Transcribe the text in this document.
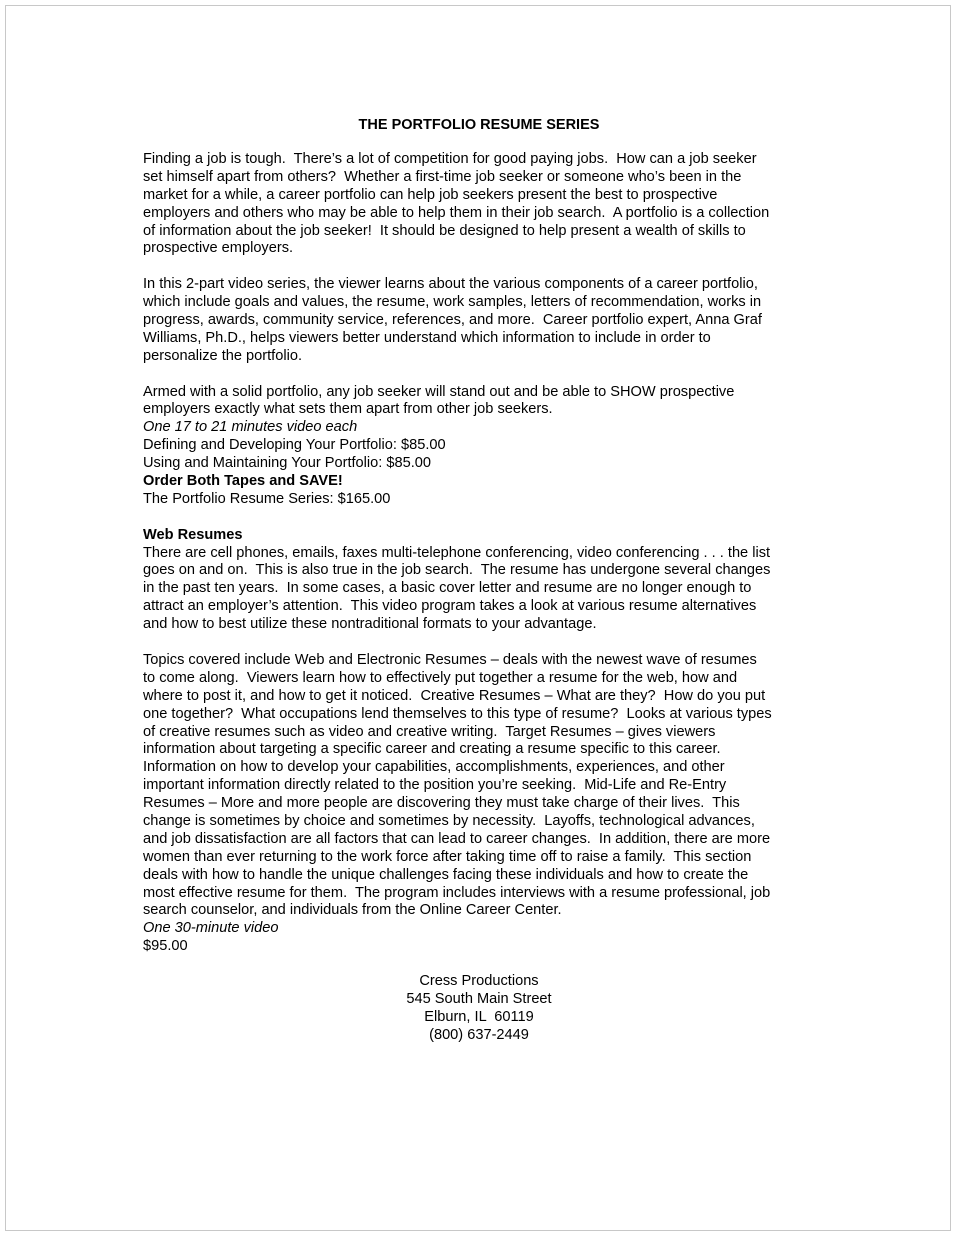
THE PORTFOLIO RESUME SERIES
Finding a job is tough.  There’s a lot of competition for good paying jobs.  How can a job seeker
set himself apart from others?  Whether a first-time job seeker or someone who’s been in the
market for a while, a career portfolio can help job seekers present the best to prospective
employers and others who may be able to help them in their job search.  A portfolio is a collection
of information about the job seeker!  It should be designed to help present a wealth of skills to
prospective employers.
In this 2-part video series, the viewer learns about the various components of a career portfolio,
which include goals and values, the resume, work samples, letters of recommendation, works in
progress, awards, community service, references, and more.  Career portfolio expert, Anna Graf
Williams, Ph.D., helps viewers better understand which information to include in order to
personalize the portfolio.
Armed with a solid portfolio, any job seeker will stand out and be able to SHOW prospective
employers exactly what sets them apart from other job seekers.
One 17 to 21 minutes video each
Defining and Developing Your Portfolio: $85.00
Using and Maintaining Your Portfolio: $85.00
Order Both Tapes and SAVE!
The Portfolio Resume Series: $165.00
Web Resumes
There are cell phones, emails, faxes multi-telephone conferencing, video conferencing . . . the list
goes on and on.  This is also true in the job search.  The resume has undergone several changes
in the past ten years.  In some cases, a basic cover letter and resume are no longer enough to
attract an employer’s attention.  This video program takes a look at various resume alternatives
and how to best utilize these nontraditional formats to your advantage.
Topics covered include Web and Electronic Resumes – deals with the newest wave of resumes
to come along.  Viewers learn how to effectively put together a resume for the web, how and
where to post it, and how to get it noticed.  Creative Resumes – What are they?  How do you put
one together?  What occupations lend themselves to this type of resume?  Looks at various types
of creative resumes such as video and creative writing.  Target Resumes – gives viewers
information about targeting a specific career and creating a resume specific to this career.
Information on how to develop your capabilities, accomplishments, experiences, and other
important information directly related to the position you’re seeking.  Mid-Life and Re-Entry
Resumes – More and more people are discovering they must take charge of their lives.  This
change is sometimes by choice and sometimes by necessity.  Layoffs, technological advances,
and job dissatisfaction are all factors that can lead to career changes.  In addition, there are more
women than ever returning to the work force after taking time off to raise a family.  This section
deals with how to handle the unique challenges facing these individuals and how to create the
most effective resume for them.  The program includes interviews with a resume professional, job
search counselor, and individuals from the Online Career Center.
One 30-minute video
$95.00
Cress Productions
545 South Main Street
Elburn, IL  60119
(800) 637-2449
